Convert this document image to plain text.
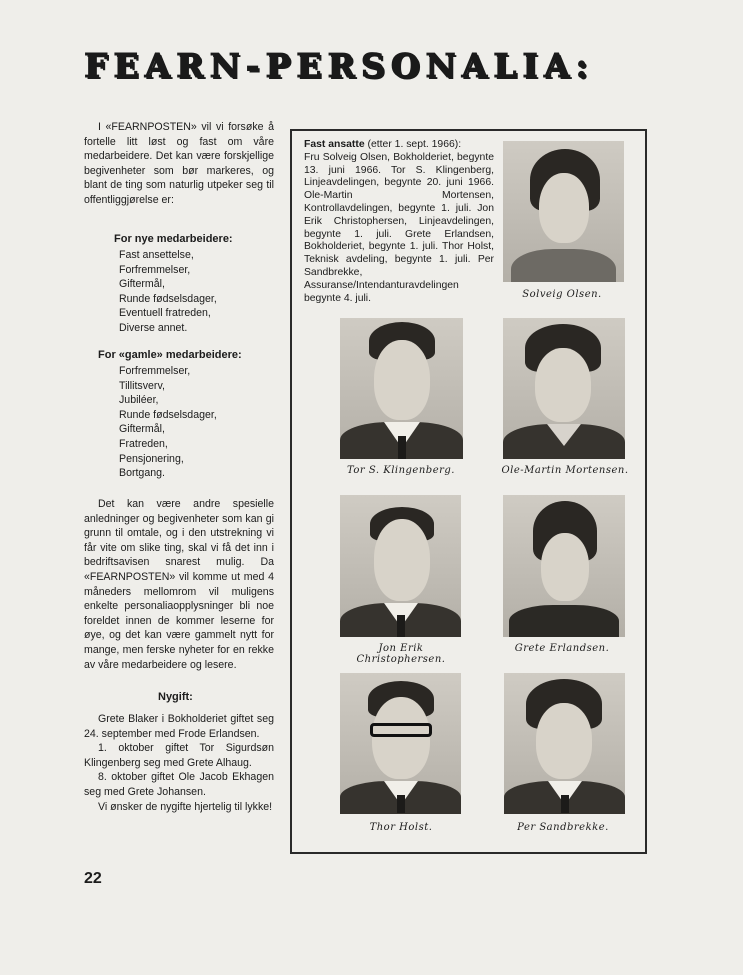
FEARN-PERSONALIA:

I «FEARNPOSTEN» vil vi forsøke å fortelle litt løst og fast om våre medarbeidere. Det kan være forskjellige begivenheter som bør markeres, og blant de ting som naturlig utpeker seg til offentliggjørelse er:

For nye medarbeidere:

Fast ansettelse,
Forfremmelser,
Giftermål,
Runde fødselsdager,
Eventuell fratreden,
Diverse annet.

For «gamle» medarbeidere:

Forfremmelser,
Tillitsverv,
Jubiléer,
Runde fødselsdager,
Giftermål,
Fratreden,
Pensjonering,
Bortgang.

Det kan være andre spesielle anledninger og begivenheter som kan gi grunn til omtale, og i den utstrekning vi får vite om slike ting, skal vi få det inn i bedriftsavisen snarest mulig. Da «FEARNPOSTEN» vil komme ut med 4 måneders mellomrom vil muligens enkelte personaliaopplysninger bli noe foreldet innen de kommer leserne for øye, og det kan være gammelt nytt for mange, men ferske nyheter for en rekke av våre medarbeidere og lesere.

Nygift:

Grete Blaker i Bokholderiet giftet seg 24. september med Frode Erlandsen.

1. oktober giftet Tor Sigurdsøn Klingenberg seg med Grete Alhaug.

8. oktober giftet Ole Jacob Ekhagen seg med Grete Johansen.

Vi ønsker de nygifte hjertelig til lykke!

22
Fast ansatte (etter 1. sept. 1966):
Fru Solveig Olsen, Bokholderiet, begynte 13. juni 1966. Tor S. Klingenberg, Linjeavdelingen, begynte 20. juni 1966. Ole-Martin Mortensen, Kontrollavdelingen, begynte 1. juli. Jon Erik Christophersen, Linjeavdelingen, begynte 1. juli. Grete Erlandsen, Bokholderiet, begynte 1. juli. Thor Holst, Teknisk avdeling, begynte 1. juli. Per Sandbrekke, Assuranse/Intendanturavdelingen begynte 4. juli.	Solveig Olsen.
Tor S. Klingenberg.	Ole-Martin Mortensen.
Jon Erik Christophersen.
Grete Erlandsen.
Thor Holst.	Per Sandbrekke.
